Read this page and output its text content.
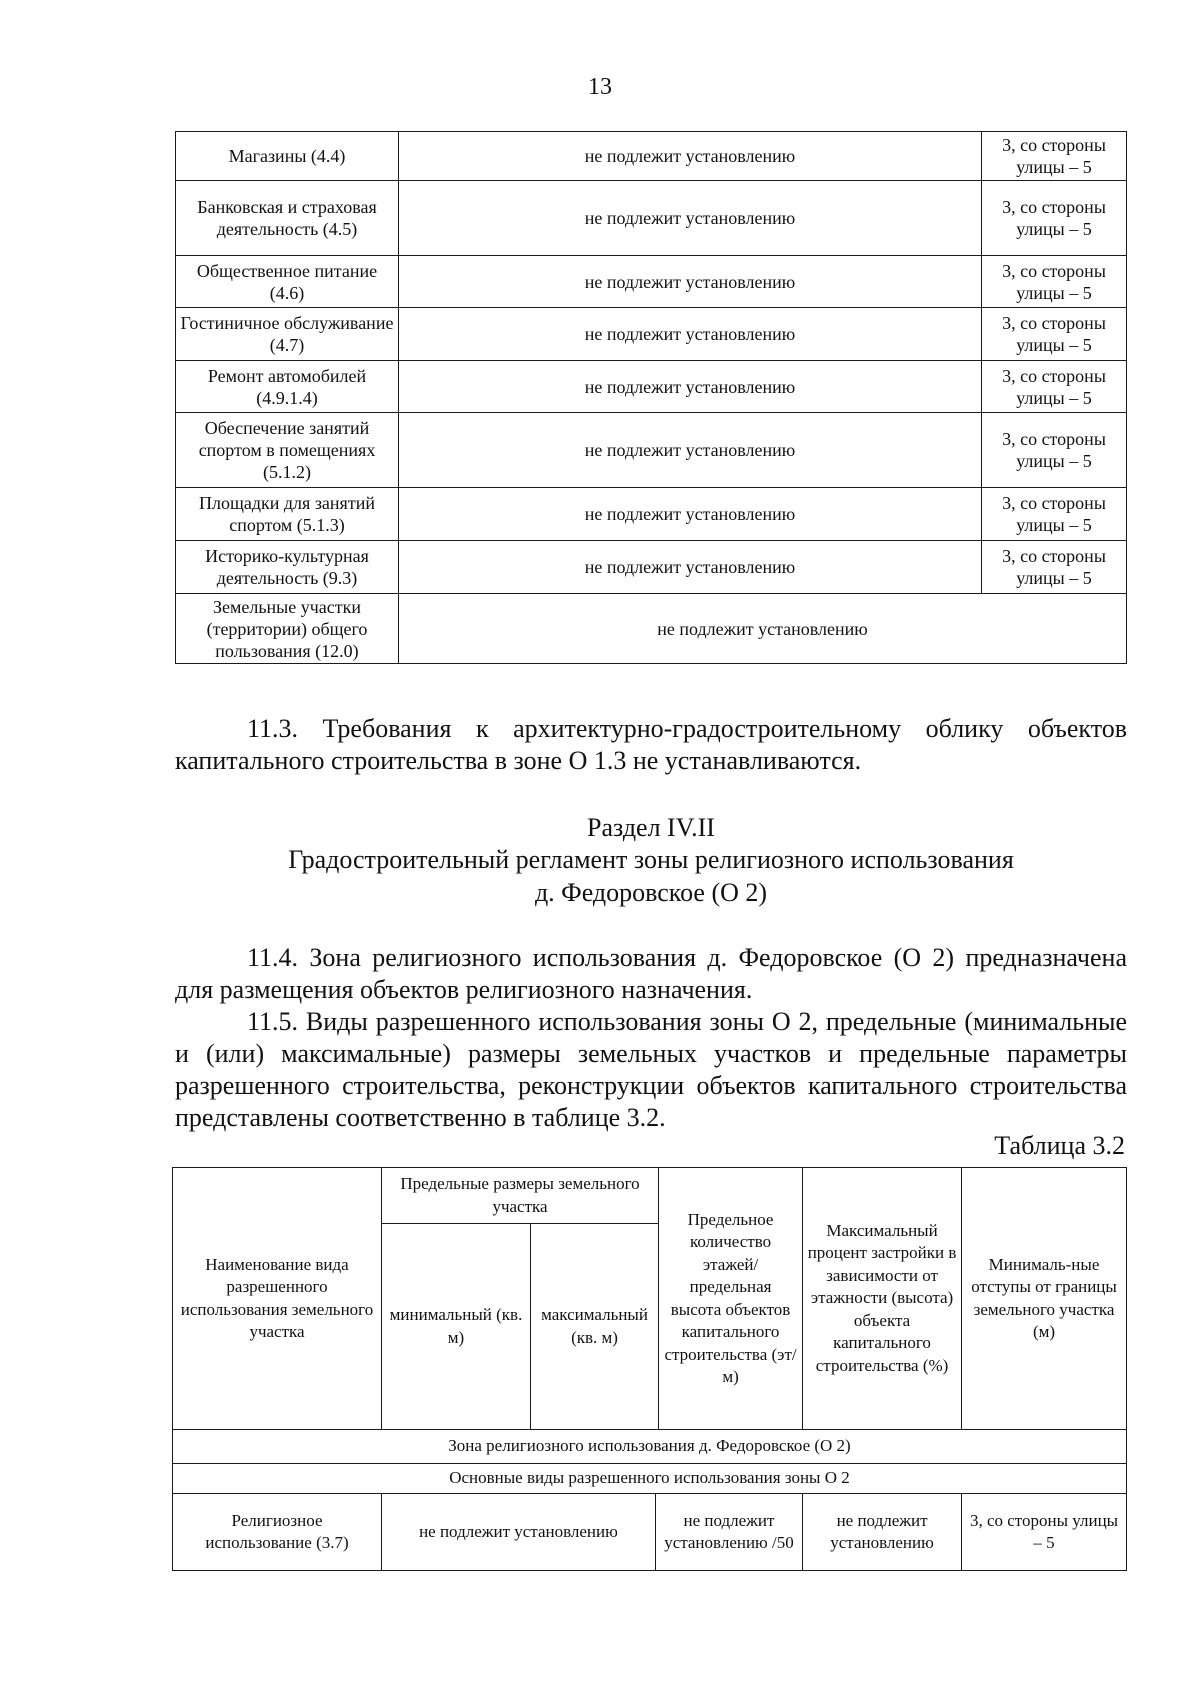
13
Магазины (4.4)	не подлежит установлению	3, со стороны улицы – 5
Банковская и страховая деятельность (4.5)	не подлежит установлению	3, со стороны улицы – 5
Общественное питание (4.6)	не подлежит установлению	3, со стороны улицы – 5
Гостиничное обслуживание (4.7)	не подлежит установлению	3, со стороны улицы – 5
Ремонт автомобилей (4.9.1.4)	не подлежит установлению	3, со стороны улицы – 5
Обеспечение занятий спортом в помещениях (5.1.2)	не подлежит установлению	3, со стороны улицы – 5
Площадки для занятий спортом (5.1.3)	не подлежит установлению	3, со стороны улицы – 5
Историко-культурная деятельность (9.3)	не подлежит установлению	3, со стороны улицы – 5
Земельные участки (территории) общего пользования (12.0)	не подлежит установлению	
11.3. Требования к архитектурно-градостроительному облику объектов капитального строительства в зоне О 1.3 не устанавливаются.
Раздел IV.II
Градостроительный регламент зоны религиозного использования
д. Федоровское (О 2)
11.4. Зона религиозного использования д. Федоровское (О 2) предназначена для размещения объектов религиозного назначения.
11.5. Виды разрешенного использования зоны О 2, предельные (минимальные и (или) максимальные) размеры земельных участков и предельные параметры разрешенного строительства, реконструкции объектов капитального строительства представлены соответственно в таблице 3.2.
Таблица 3.2
Наименование вида разрешенного использования земельного участка	Предельные размеры земельного участка			Предельное количество этажей/ предельная высота объектов капитального строительства (эт/м)	Максимальный процент застройки в зависимости от этажности (высота) объекта капитального строительства (%)	Минималь-ные отступы от границы земельного участка (м)
	минимальный (кв. м)	максимальный (кв. м)				
Зона религиозного использования д. Федоровское (О 2)						
Основные виды разрешенного использования зоны О 2						
Религиозное использование (3.7)	не подлежит установлению		не подлежит установлению /50		не подлежит установлению	3, со стороны улицы – 5
